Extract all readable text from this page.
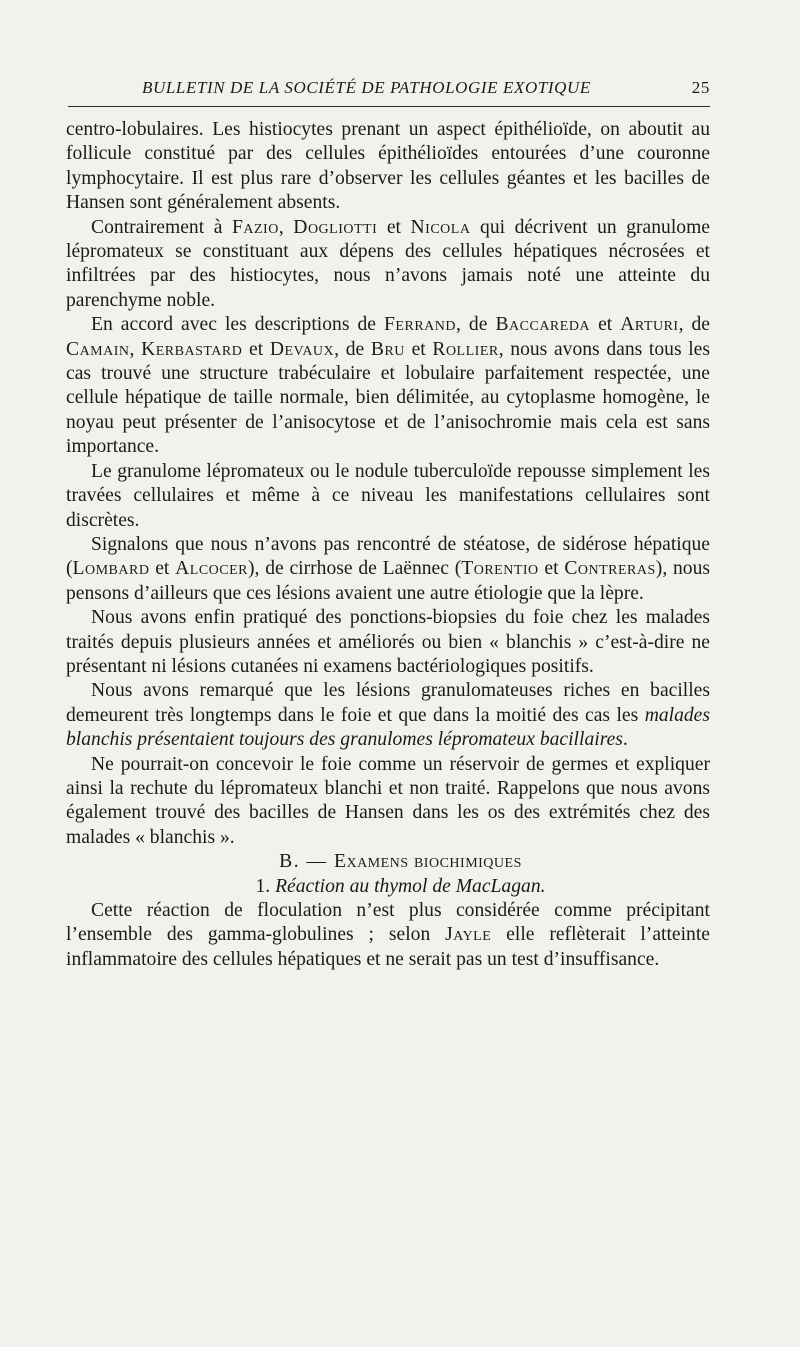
BULLETIN DE LA SOCIÉTÉ DE PATHOLOGIE EXOTIQUE	25

centro-lobulaires. Les histiocytes prenant un aspect épithélioïde, on aboutit au follicule constitué par des cellules épithélioïdes entourées d’une couronne lymphocytaire. Il est plus rare d’observer les cellules géantes et les bacilles de Hansen sont généralement absents.

Contrairement à Fazio, Dogliotti et Nicola qui décrivent un granulome lépromateux se constituant aux dépens des cellules hépatiques nécrosées et infiltrées par des histiocytes, nous n’avons jamais noté une atteinte du parenchyme noble.

En accord avec les descriptions de Ferrand, de Baccareda et Arturi, de Camain, Kerbastard et Devaux, de Bru et Rollier, nous avons dans tous les cas trouvé une structure trabéculaire et lobulaire parfaitement respectée, une cellule hépatique de taille normale, bien délimitée, au cytoplasme homogène, le noyau peut présenter de l’anisocytose et de l’anisochromie mais cela est sans importance.

Le granulome lépromateux ou le nodule tuberculoïde repousse simplement les travées cellulaires et même à ce niveau les manifestations cellulaires sont discrètes.

Signalons que nous n’avons pas rencontré de stéatose, de sidérose hépatique (Lombard et Alcocer), de cirrhose de Laënnec (Torentio et Contreras), nous pensons d’ailleurs que ces lésions avaient une autre étiologie que la lèpre.

Nous avons enfin pratiqué des ponctions-biopsies du foie chez les malades traités depuis plusieurs années et améliorés ou bien « blanchis » c’est-à-dire ne présentant ni lésions cutanées ni examens bactériologiques positifs.

Nous avons remarqué que les lésions granulomateuses riches en bacilles demeurent très longtemps dans le foie et que dans la moitié des cas les malades blanchis présentaient toujours des granulomes lépromateux bacillaires.

Ne pourrait-on concevoir le foie comme un réservoir de germes et expliquer ainsi la rechute du lépromateux blanchi et non traité. Rappelons que nous avons également trouvé des bacilles de Hansen dans les os des extrémités chez des malades « blanchis ».

B. — Examens biochimiques

1. Réaction au thymol de MacLagan.

Cette réaction de floculation n’est plus considérée comme précipitant l’ensemble des gamma-globulines ; selon Jayle elle reflèterait l’atteinte inflammatoire des cellules hépatiques et ne serait pas un test d’insuffisance.
